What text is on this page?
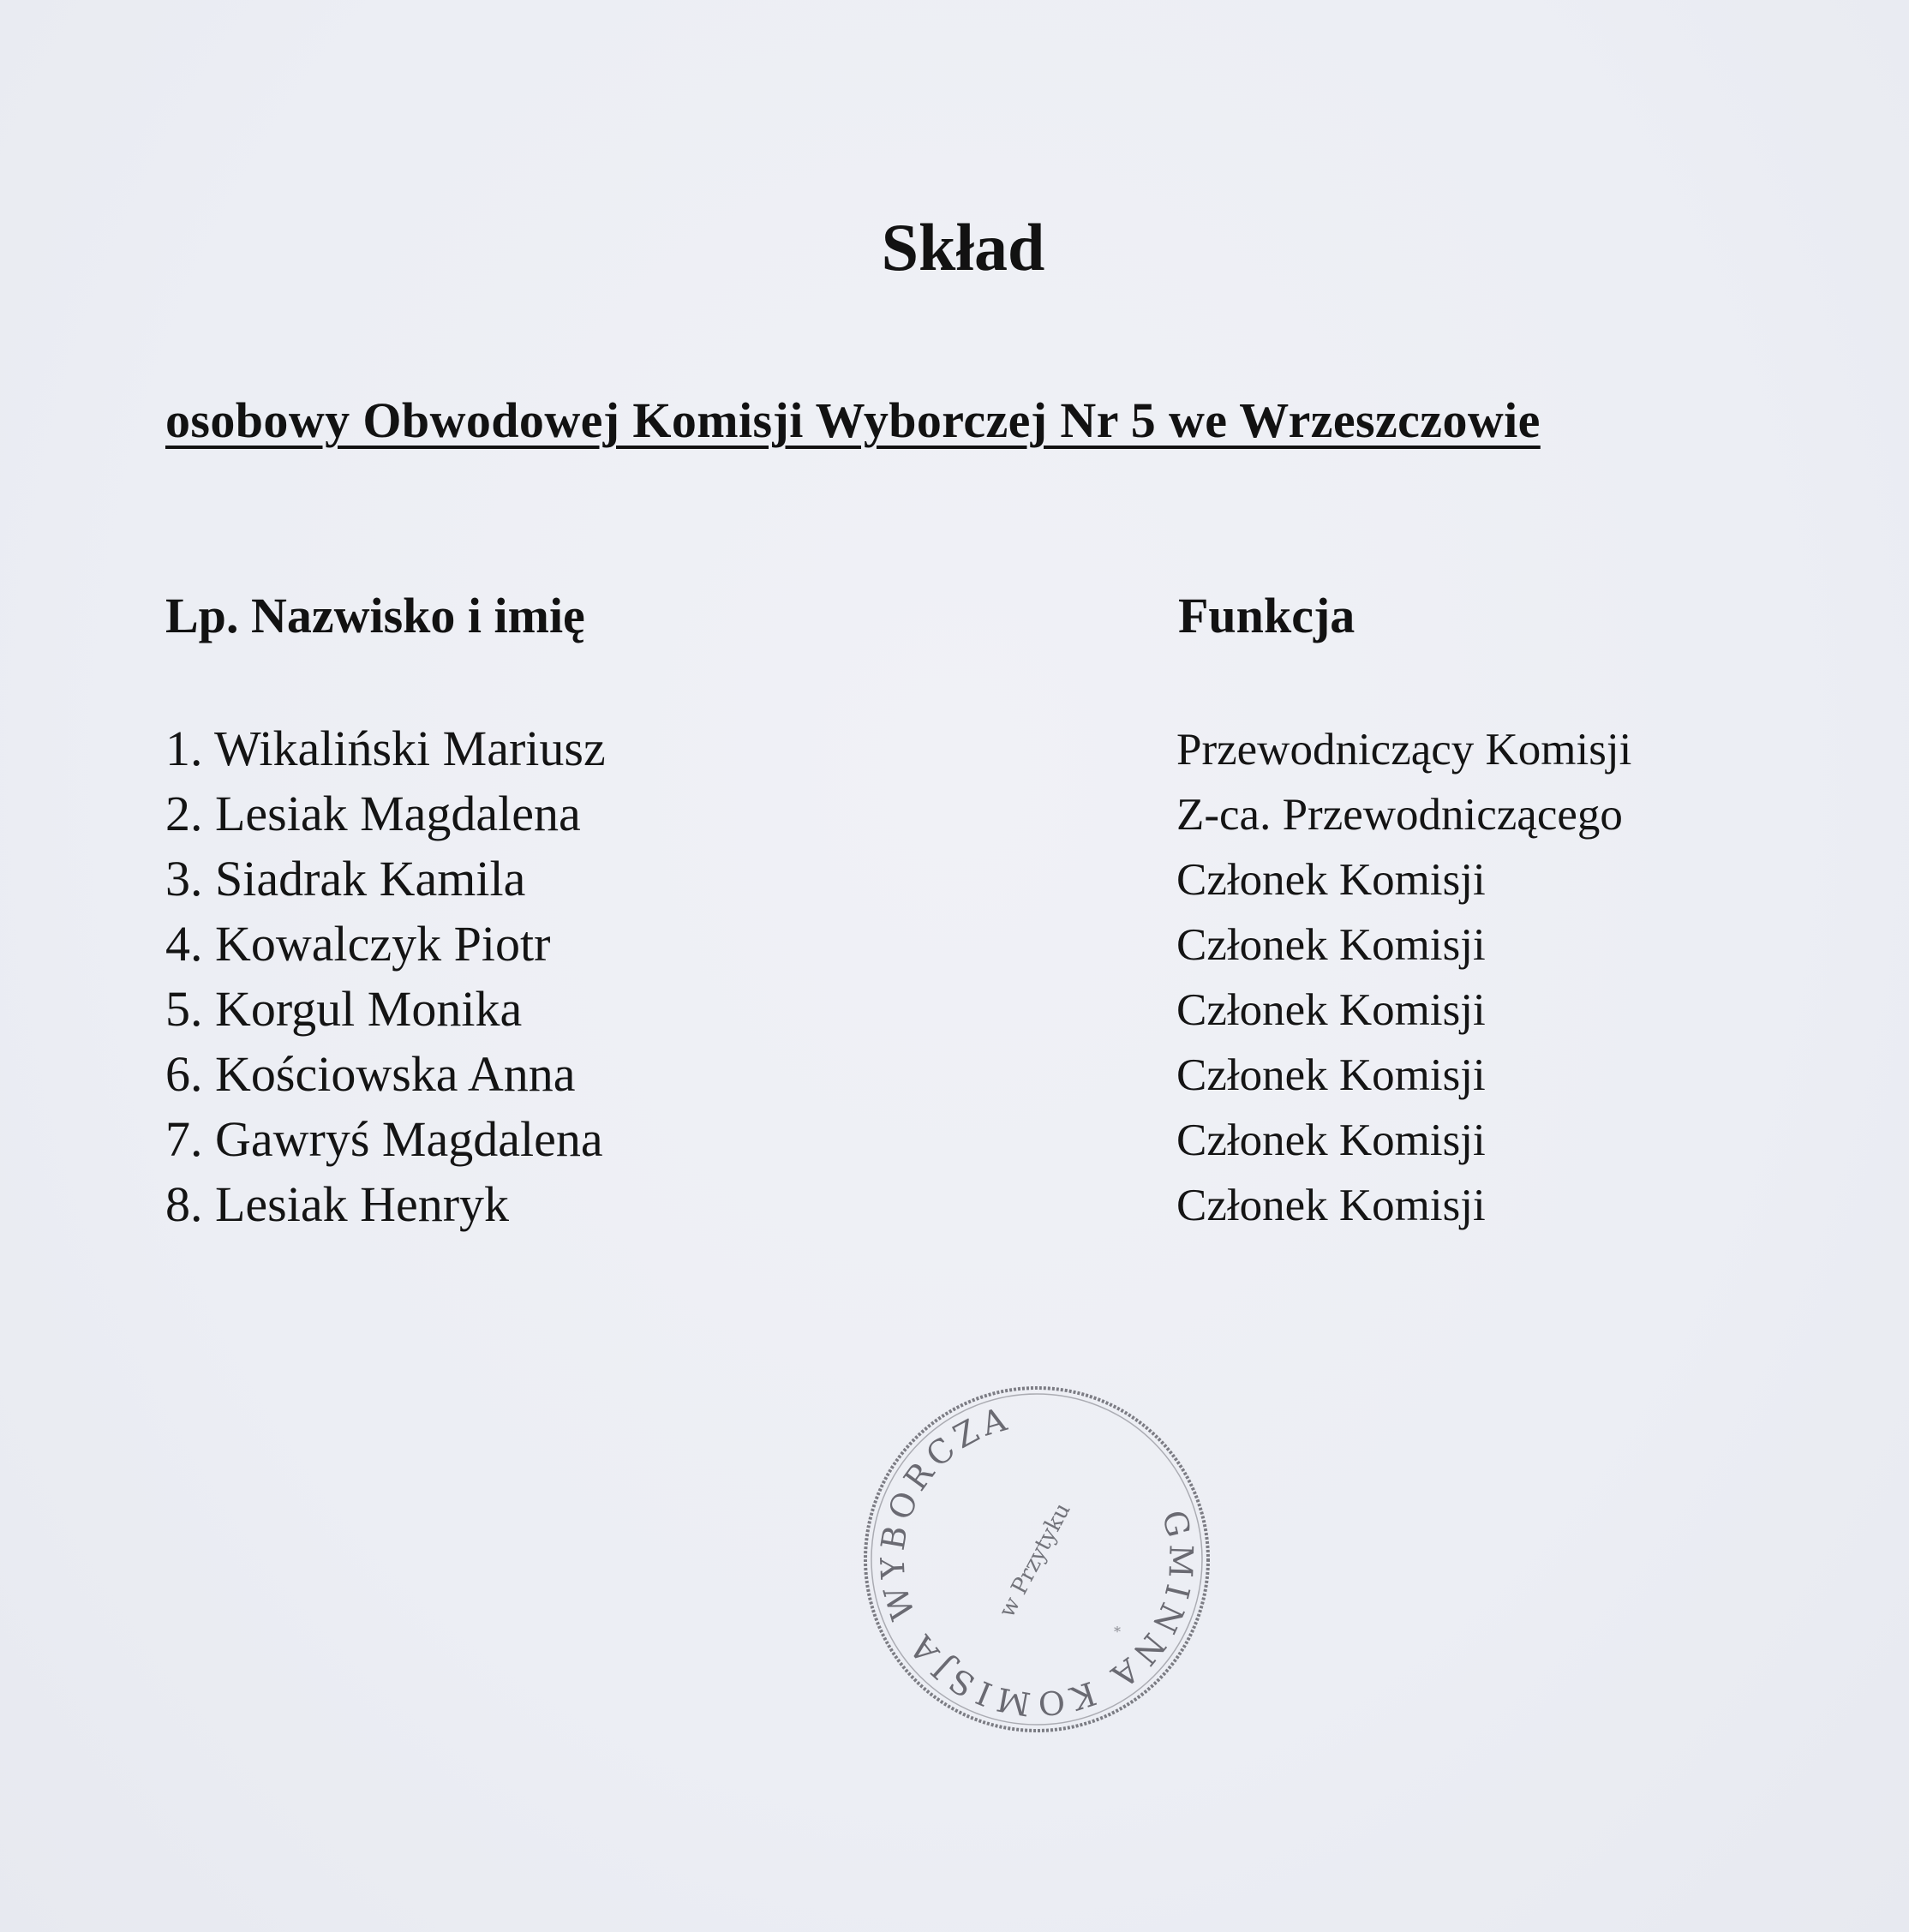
Skład
osobowy Obwodowej Komisji Wyborczej Nr 5 we Wrzeszczowie
Lp. Nazwisko i imię	Funkcja
1. Wikaliński Mariusz	Przewodniczący Komisji
2. Lesiak Magdalena	Z-ca. Przewodniczącego
3. Siadrak Kamila	Członek Komisji
4. Kowalczyk Piotr	Członek Komisji
5. Korgul Monika	Członek Komisji
6. Kościowska Anna	Członek Komisji
7. Gawryś Magdalena	Członek Komisji
8. Lesiak Henryk	Członek Komisji
GMINNA KOMISJA WYBORCZA
w Przytyku
*
